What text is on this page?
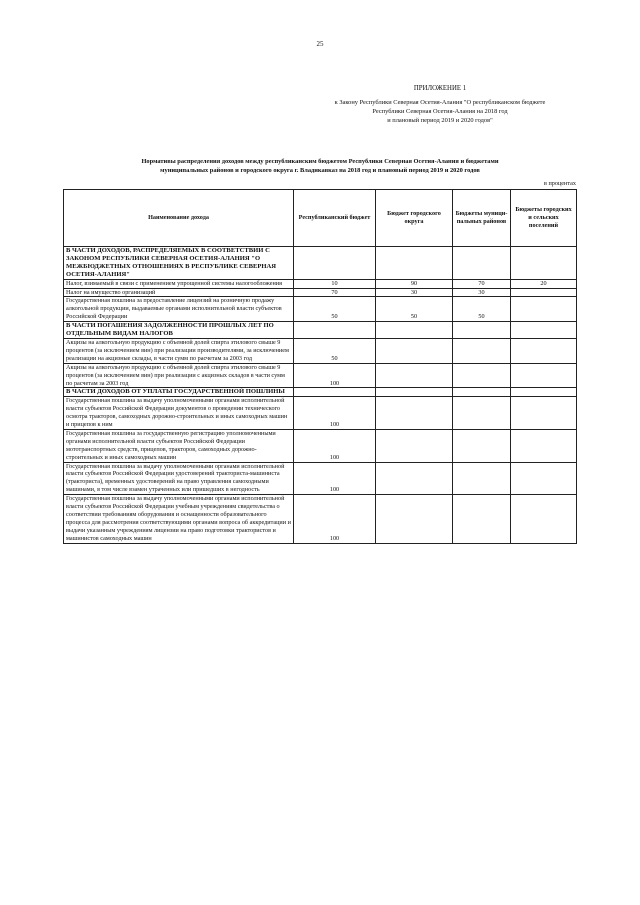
25
ПРИЛОЖЕНИЕ 1
к Закону Республики Северная Осетия-Алания "О республиканском бюджете
Республики Северная Осетия-Алания на 2018 год
и плановый период 2019 и 2020 годов"
Нормативы распределения доходов между республиканским бюджетом Республики Северная Осетия-Алания и бюджетами
муниципальных районов и городского округа г. Владикавказ на 2018 год и плановый период 2019 и 2020 годов
в процентах
Наименование дохода	Республиканский бюджет	Бюджет городского округа	Бюджеты муници-пальных районов	Бюджеты городских и сельских поселений
В ЧАСТИ ДОХОДОВ, РАСПРЕДЕЛЯЕМЫХ В СООТВЕТСТВИИ С ЗАКОНОМ РЕСПУБЛИКИ СЕВЕРНАЯ ОСЕТИЯ-АЛАНИЯ "О МЕЖБЮДЖЕТНЫХ ОТНОШЕНИЯХ В РЕСПУБЛИКЕ СЕВЕРНАЯ ОСЕТИЯ-АЛАНИЯ"				
Налог, взимаемый в связи с применением упрощенной системы налогообложения	10	90	70	20
Налог на имущество организаций	70	30	30	
Государственная пошлина за предоставление лицензий на розничную продажу алкогольной продукции, выдаваемые органами исполнительной власти субъектов Российской Федерации	50	50	50	
В ЧАСТИ ПОГАШЕНИЯ ЗАДОЛЖЕННОСТИ ПРОШЛЫХ ЛЕТ ПО ОТДЕЛЬНЫМ ВИДАМ НАЛОГОВ				
Акцизы на алкогольную продукцию с объемной долей спирта этилового свыше 9 процентов (за исключением вин) при реализации производителями, за исключением реализации на акцизные склады, в части сумм по расчетам за 2003 год	50			
Акцизы на алкогольную продукцию с объемной долей спирта этилового свыше 9 процентов (за исключением вин) при реализации с акцизных складов в части сумм по расчетам за 2003 год	100			
В ЧАСТИ ДОХОДОВ ОТ УПЛАТЫ ГОСУДАРСТВЕННОЙ ПОШЛИНЫ				
Государственная пошлина за выдачу уполномоченными органами исполнительной власти субъектов Российской Федерации документов о проведении технического осмотра тракторов, самоходных дорожно-строительных и иных самоходных машин и прицепов к ним	100			
Государственная пошлина за государственную регистрацию уполномоченными органами исполнительной власти субъектов Российской Федерации мототранспортных средств, прицепов, тракторов, самоходных дорожно-строительных и иных самоходных машин	100			
Государственная пошлина за выдачу уполномоченными органами исполнительной власти субъектов Российской Федерации удостоверений тракториста-машиниста (тракториста), временных удостоверений на право управления самоходными машинами, в том числе взамен утраченных или пришедших в негодность	100			
Государственная пошлина за выдачу уполномоченными органами исполнительной власти субъектов Российской Федерации учебным учреждениям свидетельства о соответствии требованиям оборудования и оснащенности образовательного процесса для рассмотрения соответствующими органами вопроса об аккредитации и выдачи указанным учреждениям лицензии на право подготовки трактористов и машинистов самоходных машин	100			
